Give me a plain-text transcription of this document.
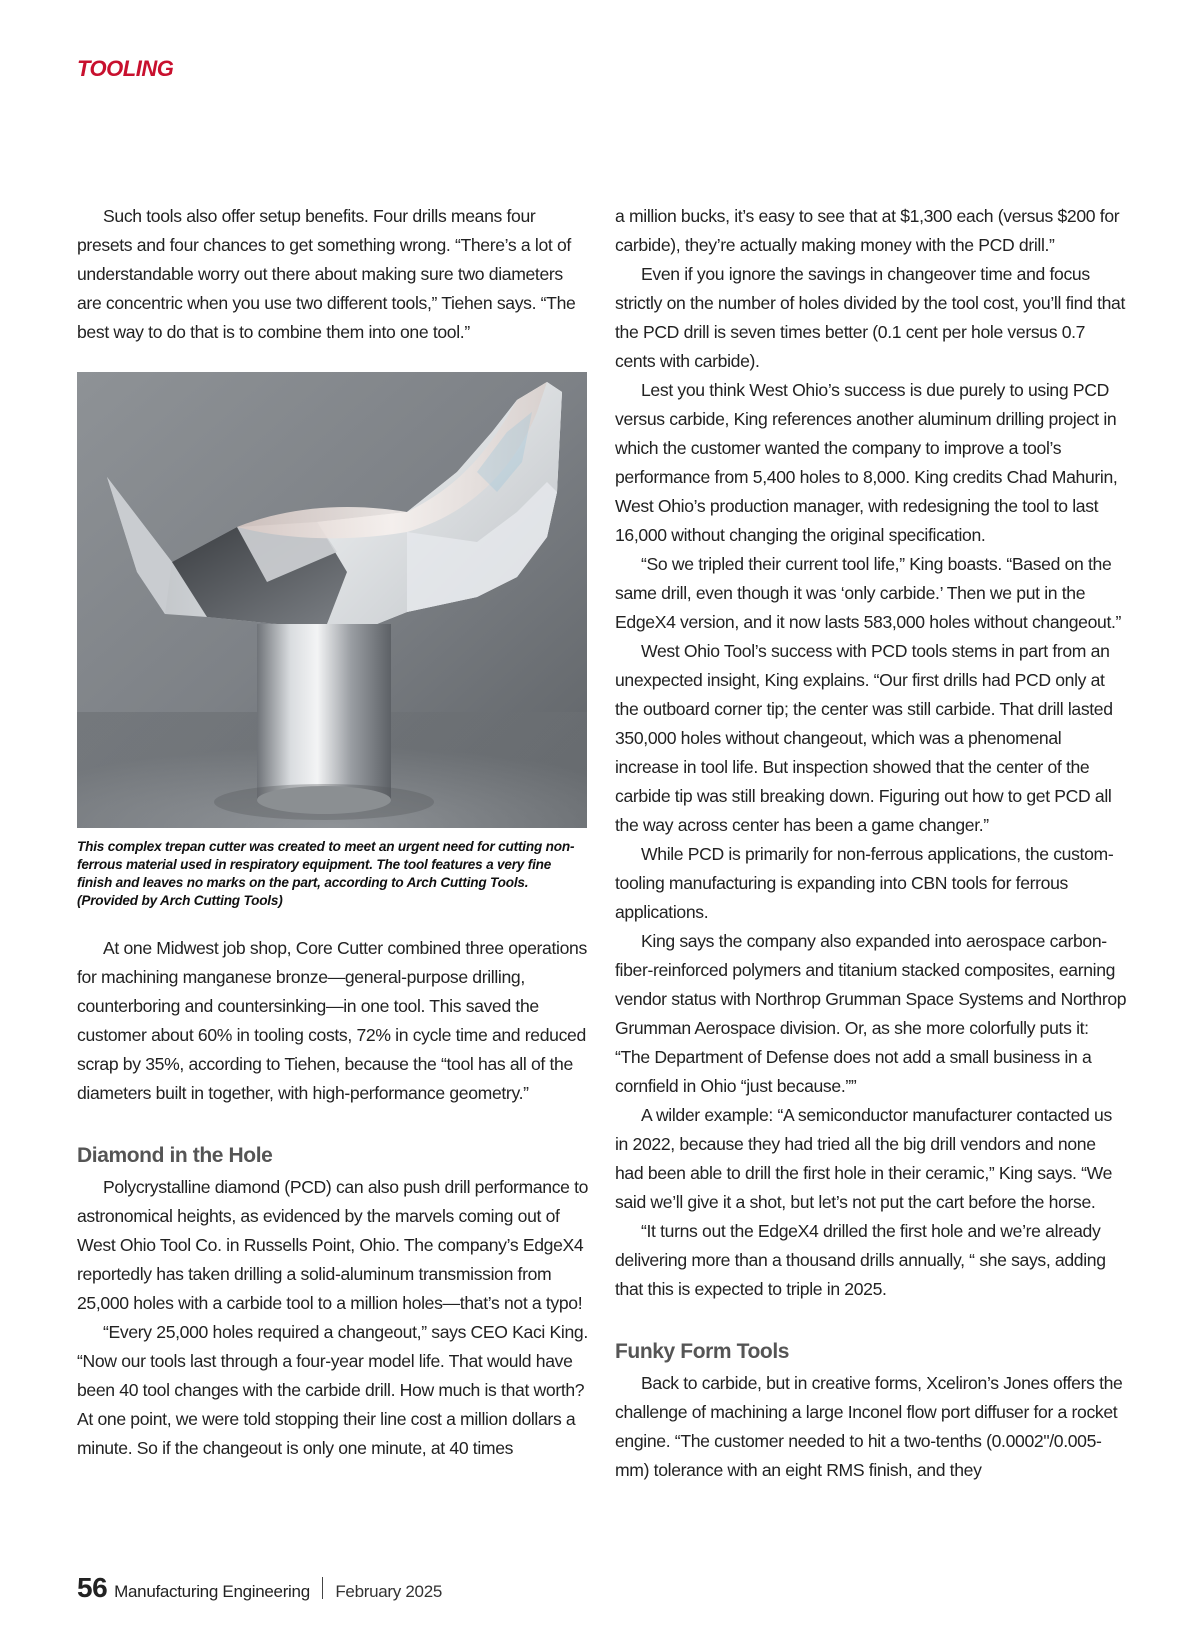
TOOLING

Such tools also offer setup benefits. Four drills means four presets and four chances to get something wrong. “There’s a lot of understandable worry out there about making sure two diameters are concentric when you use two different tools,” Tiehen says. “The best way to do that is to combine them into one tool.”

This complex trepan cutter was created to meet an urgent need for cutting non-ferrous material used in respiratory equipment. The tool features a very fine finish and leaves no marks on the part, according to Arch Cutting Tools. (Provided by Arch Cutting Tools)

At one Midwest job shop, Core Cutter combined three operations for machining manganese bronze—general-purpose drilling, counterboring and countersinking—in one tool. This saved the customer about 60% in tooling costs, 72% in cycle time and reduced scrap by 35%, according to Tiehen, because the “tool has all of the diameters built in together, with high-performance geometry.”

Diamond in the Hole

Polycrystalline diamond (PCD) can also push drill performance to astronomical heights, as evidenced by the marvels coming out of West Ohio Tool Co. in Russells Point, Ohio. The company’s EdgeX4 reportedly has taken drilling a solid-aluminum transmission from 25,000 holes with a carbide tool to a million holes—that’s not a typo!

“Every 25,000 holes required a changeout,” says CEO Kaci King. “Now our tools last through a four-year model life. That would have been 40 tool changes with the carbide drill. How much is that worth? At one point, we were told stopping their line cost a million dollars a minute. So if the changeout is only one minute, at 40 times

a million bucks, it’s easy to see that at $1,300 each (versus $200 for carbide), they’re actually making money with the PCD drill.”

Even if you ignore the savings in changeover time and focus strictly on the number of holes divided by the tool cost, you’ll find that the PCD drill is seven times better (0.1 cent per hole versus 0.7 cents with carbide).

Lest you think West Ohio’s success is due purely to using PCD versus carbide, King references another aluminum drilling project in which the customer wanted the company to improve a tool’s performance from 5,400 holes to 8,000. King credits Chad Mahurin, West Ohio’s production manager, with redesigning the tool to last 16,000 without changing the original specification.

“So we tripled their current tool life,” King boasts. “Based on the same drill, even though it was ‘only carbide.’ Then we put in the EdgeX4 version, and it now lasts 583,000 holes without changeout.”

West Ohio Tool’s success with PCD tools stems in part from an unexpected insight, King explains. “Our first drills had PCD only at the outboard corner tip; the center was still carbide. That drill lasted 350,000 holes without changeout, which was a phenomenal increase in tool life. But inspection showed that the center of the carbide tip was still breaking down. Figuring out how to get PCD all the way across center has been a game changer.”

While PCD is primarily for non-ferrous applications, the custom-tooling manufacturing is expanding into CBN tools for ferrous applications.

King says the company also expanded into aerospace carbon-fiber-reinforced polymers and titanium stacked composites, earning vendor status with Northrop Grumman Space Systems and Northrop Grumman Aerospace division. Or, as she more colorfully puts it: “The Department of Defense does not add a small business in a cornfield in Ohio “just because.””

A wilder example: “A semiconductor manufacturer contacted us in 2022, because they had tried all the big drill vendors and none had been able to drill the first hole in their ceramic,” King says. “We said we’ll give it a shot, but let’s not put the cart before the horse.

“It turns out the EdgeX4 drilled the first hole and we’re already delivering more than a thousand drills annually, “ she says, adding that this is expected to triple in 2025.

Funky Form Tools

Back to carbide, but in creative forms, Xceliron’s Jones offers the challenge of machining a large Inconel flow port diffuser for a rocket engine. “The customer needed to hit a two-tenths (0.0002"/0.005-mm) tolerance with an eight RMS finish, and they

56 Manufacturing Engineering February 2025
